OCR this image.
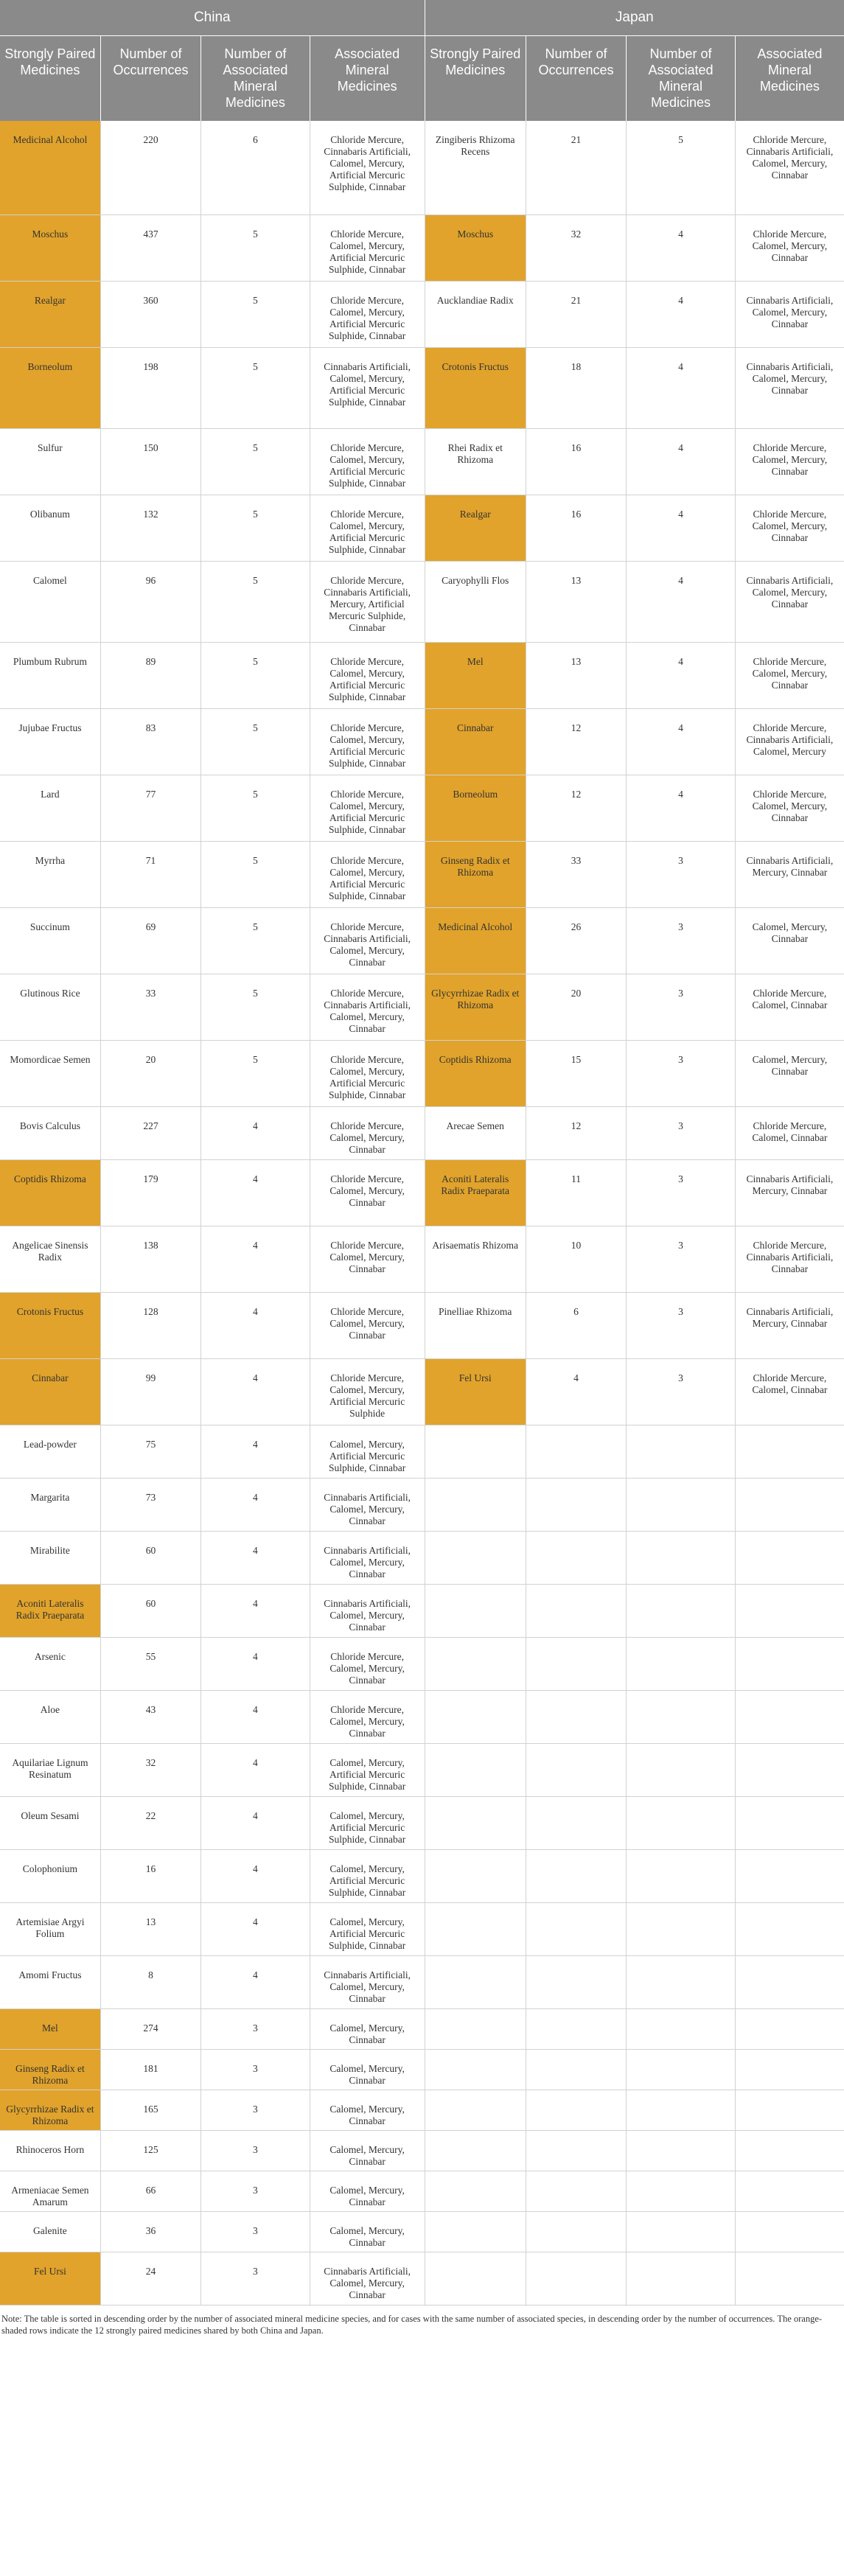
China				Japan			
Strongly Paired Medicines	Number of Occurrences	Number of Associated Mineral Medicines	Associated Mineral Medicines	Strongly Paired Medicines	Number of Occurrences	Number of Associated Mineral Medicines	Associated Mineral Medicines
Medicinal Alcohol	220	6	Chloride Mercure, Cinnabaris Artificiali, Calomel, Mercury, Artificial Mercuric Sulphide, Cinnabar	Zingiberis Rhizoma Recens	21	5	Chloride Mercure, Cinnabaris Artificiali, Calomel, Mercury, Cinnabar
Moschus	437	5	Chloride Mercure, Calomel, Mercury, Artificial Mercuric Sulphide, Cinnabar	Moschus	32	4	Chloride Mercure, Calomel, Mercury, Cinnabar
Realgar	360	5	Chloride Mercure, Calomel, Mercury, Artificial Mercuric Sulphide, Cinnabar	Aucklandiae Radix	21	4	Cinnabaris Artificiali, Calomel, Mercury, Cinnabar
Borneolum	198	5	Cinnabaris Artificiali, Calomel, Mercury, Artificial Mercuric Sulphide, Cinnabar	Crotonis Fructus	18	4	Cinnabaris Artificiali, Calomel, Mercury, Cinnabar
Sulfur	150	5	Chloride Mercure, Calomel, Mercury, Artificial Mercuric Sulphide, Cinnabar	Rhei Radix et Rhizoma	16	4	Chloride Mercure, Calomel, Mercury, Cinnabar
Olibanum	132	5	Chloride Mercure, Calomel, Mercury, Artificial Mercuric Sulphide, Cinnabar	Realgar	16	4	Chloride Mercure, Calomel, Mercury, Cinnabar
Calomel	96	5	Chloride Mercure, Cinnabaris Artificiali, Mercury, Artificial Mercuric Sulphide, Cinnabar	Caryophylli Flos	13	4	Cinnabaris Artificiali, Calomel, Mercury, Cinnabar
Plumbum Rubrum	89	5	Chloride Mercure, Calomel, Mercury, Artificial Mercuric Sulphide, Cinnabar	Mel	13	4	Chloride Mercure, Calomel, Mercury, Cinnabar
Jujubae Fructus	83	5	Chloride Mercure, Calomel, Mercury, Artificial Mercuric Sulphide, Cinnabar	Cinnabar	12	4	Chloride Mercure, Cinnabaris Artificiali, Calomel, Mercury
Lard	77	5	Chloride Mercure, Calomel, Mercury, Artificial Mercuric Sulphide, Cinnabar	Borneolum	12	4	Chloride Mercure, Calomel, Mercury, Cinnabar
Myrrha	71	5	Chloride Mercure, Calomel, Mercury, Artificial Mercuric Sulphide, Cinnabar	Ginseng Radix et Rhizoma	33	3	Cinnabaris Artificiali, Mercury, Cinnabar
Succinum	69	5	Chloride Mercure, Cinnabaris Artificiali, Calomel, Mercury, Cinnabar	Medicinal Alcohol	26	3	Calomel, Mercury, Cinnabar
Glutinous Rice	33	5	Chloride Mercure, Cinnabaris Artificiali, Calomel, Mercury, Cinnabar	Glycyrrhizae Radix et Rhizoma	20	3	Chloride Mercure, Calomel, Cinnabar
Momordicae Semen	20	5	Chloride Mercure, Calomel, Mercury, Artificial Mercuric Sulphide, Cinnabar	Coptidis Rhizoma	15	3	Calomel, Mercury, Cinnabar
Bovis Calculus	227	4	Chloride Mercure, Calomel, Mercury, Cinnabar	Arecae Semen	12	3	Chloride Mercure, Calomel, Cinnabar
Coptidis Rhizoma	179	4	Chloride Mercure, Calomel, Mercury, Cinnabar	Aconiti Lateralis Radix Praeparata	11	3	Cinnabaris Artificiali, Mercury, Cinnabar
Angelicae Sinensis Radix	138	4	Chloride Mercure, Calomel, Mercury, Cinnabar	Arisaematis Rhizoma	10	3	Chloride Mercure, Cinnabaris Artificiali, Cinnabar
Crotonis Fructus	128	4	Chloride Mercure, Calomel, Mercury, Cinnabar	Pinelliae Rhizoma	6	3	Cinnabaris Artificiali, Mercury, Cinnabar
Cinnabar	99	4	Chloride Mercure, Calomel, Mercury, Artificial Mercuric Sulphide	Fel Ursi	4	3	Chloride Mercure, Calomel, Cinnabar
Lead-powder	75	4	Calomel, Mercury, Artificial Mercuric Sulphide, Cinnabar				
Margarita	73	4	Cinnabaris Artificiali, Calomel, Mercury, Cinnabar				
Mirabilite	60	4	Cinnabaris Artificiali, Calomel, Mercury, Cinnabar				
Aconiti Lateralis Radix Praeparata	60	4	Cinnabaris Artificiali, Calomel, Mercury, Cinnabar				
Arsenic	55	4	Chloride Mercure, Calomel, Mercury, Cinnabar				
Aloe	43	4	Chloride Mercure, Calomel, Mercury, Cinnabar				
Aquilariae Lignum Resinatum	32	4	Calomel, Mercury, Artificial Mercuric Sulphide, Cinnabar				
Oleum Sesami	22	4	Calomel, Mercury, Artificial Mercuric Sulphide, Cinnabar				
Colophonium	16	4	Calomel, Mercury, Artificial Mercuric Sulphide, Cinnabar				
Artemisiae Argyi Folium	13	4	Calomel, Mercury, Artificial Mercuric Sulphide, Cinnabar				
Amomi Fructus	8	4	Cinnabaris Artificiali, Calomel, Mercury, Cinnabar				
Mel	274	3	Calomel, Mercury, Cinnabar				
Ginseng Radix et Rhizoma	181	3	Calomel, Mercury, Cinnabar				
Glycyrrhizae Radix et Rhizoma	165	3	Calomel, Mercury, Cinnabar				
Rhinoceros Horn	125	3	Calomel, Mercury, Cinnabar				
Armeniacae Semen Amarum	66	3	Calomel, Mercury, Cinnabar				
Galenite	36	3	Calomel, Mercury, Cinnabar				
Fel Ursi	24	3	Cinnabaris Artificiali, Calomel, Mercury, Cinnabar				
Note: The table is sorted in descending order by the number of associated mineral medicine species, and for cases with the same number of associated species, in descending order by the number of occurrences. The orange-shaded rows indicate the 12 strongly paired medicines shared by both China and Japan.
